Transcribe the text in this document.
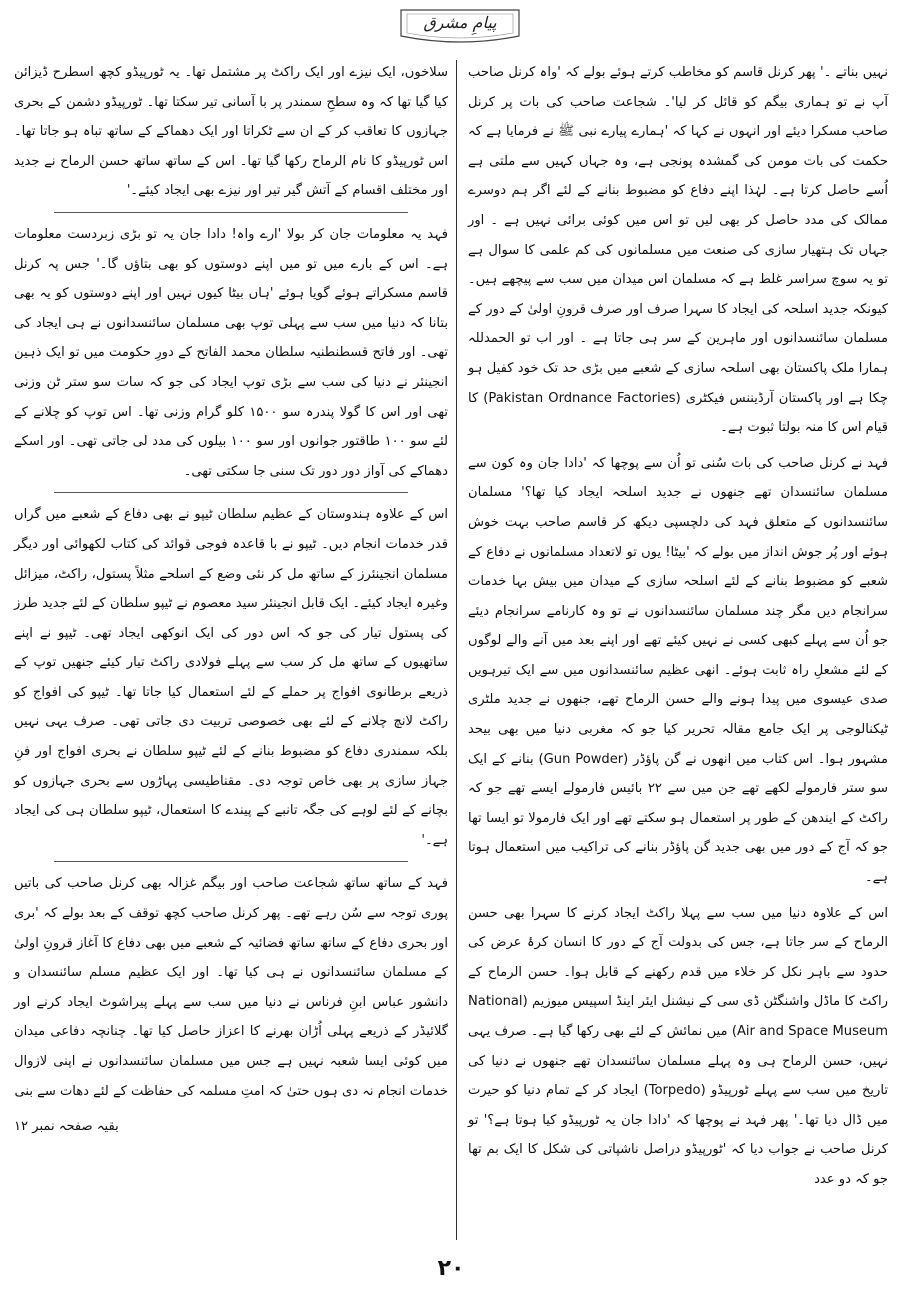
پیامِ مشرق

نہیں بناتے ۔' پھر کرنل قاسم کو مخاطب کرتے ہوئے بولے کہ 'واہ کرنل صاحب آپ نے تو ہماری بیگم کو قائل کر لیا'۔ شجاعت صاحب کی بات پر کرنل صاحب مسکرا دیئے اور انہوں نے کہا کہ 'ہمارے پیارے نبی ﷺ نے فرمایا ہے کہ حکمت کی بات مومن کی گمشدہ پونجی ہے، وہ جہاں کہیں سے ملتی ہے اُسے حاصل کرتا ہے۔ لہٰذا اپنے دفاع کو مضبوط بنانے کے لئے اگر ہم دوسرے ممالک کی مدد حاصل کر بھی لیں تو اس میں کوئی برائی نہیں ہے ۔ اور جہاں تک ہتھیار سازی کی صنعت میں مسلمانوں کی کم علمی کا سوال ہے تو یہ سوچ سراسر غلط ہے کہ مسلمان اس میدان میں سب سے پیچھے ہیں۔ کیونکہ جدید اسلحہ کی ایجاد کا سہرا صرف اور صرف قرونِ اولیٰ کے دور کے مسلمان سائنسدانوں اور ماہرین کے سر ہی جاتا ہے ۔ اور اب تو الحمدللہ ہمارا ملک پاکستان بھی اسلحہ سازی کے شعبے میں بڑی حد تک خود کفیل ہو چکا ہے اور پاکستان آرڈیننس فیکٹری (Pakistan Ordnance Factories) کا قیام اس کا منہ بولتا ثبوت ہے۔

فہد نے کرنل صاحب کی بات سُنی تو اُن سے پوچھا کہ 'دادا جان وہ کون سے مسلمان سائنسدان تھے جنھوں نے جدید اسلحہ ایجاد کیا تھا؟' مسلمان سائنسدانوں کے متعلق فہد کی دلچسپی دیکھ کر قاسم صاحب بہت خوش ہوئے اور پُر جوش انداز میں بولے کہ 'بیٹا! یوں تو لاتعداد مسلمانوں نے دفاع کے شعبے کو مضبوط بنانے کے لئے اسلحہ سازی کے میدان میں بیش بہا خدمات سرانجام دیں مگر چند مسلمان سائنسدانوں نے تو وہ کارنامے سرانجام دیئے جو اُن سے پہلے کبھی کسی نے نہیں کیئے تھے اور اپنے بعد میں آنے والے لوگوں کے لئے مشعلِ راہ ثابت ہوئے۔ انھی عظیم سائنسدانوں میں سے ایک تیرہویں صدی عیسوی میں پیدا ہونے والے حسن الرماح تھے، جنھوں نے جدید ملٹری ٹیکنالوجی پر ایک جامع مقالہ تحریر کیا جو کہ مغربی دنیا میں بھی بیحد مشہور ہوا۔ اس کتاب میں انھوں نے گن پاؤڈر (Gun Powder) بنانے کے ایک سو ستر فارمولے لکھے تھے جن میں سے ۲۲ بائیس فارمولے ایسے تھے جو کہ راکٹ کے ایندھن کے طور پر استعمال ہو سکتے تھے اور ایک فارمولا تو ایسا تھا جو کہ آج کے دور میں بھی جدید گن پاؤڈر بنانے کی تراکیب میں استعمال ہوتا ہے۔

اس کے علاوہ دنیا میں سب سے پہلا راکٹ ایجاد کرنے کا سہرا بھی حسن الرماح کے سر جاتا ہے، جس کی بدولت آج کے دور کا انسان کرۂ عرض کی حدود سے باہر نکل کر خلاء میں قدم رکھنے کے قابل ہوا۔ حسن الرماح کے راکٹ کا ماڈل واشنگٹن ڈی سی کے نیشنل ایئر اینڈ اسپیس میوزیم (National Air and Space Museum) میں نمائش کے لئے بھی رکھا گیا ہے۔ صرف یہی نہیں، حسن الرماح ہی وہ پہلے مسلمان سائنسدان تھے جنھوں نے دنیا کی تاریخ میں سب سے پہلے ٹورپیڈو (Torpedo) ایجاد کر کے تمام دنیا کو حیرت میں ڈال دیا تھا۔' پھر فہد نے پوچھا کہ 'دادا جان یہ ٹورپیڈو کیا ہوتا ہے؟' تو کرنل صاحب نے جواب دیا کہ 'ٹورپیڈو دراصل ناشپاتی کی شکل کا ایک بم تھا جو کہ دو عدد

سلاخوں، ایک نیزے اور ایک راکٹ پر مشتمل تھا۔ یہ ٹورپیڈو کچھ اسطرح ڈیزائن کیا گیا تھا کہ وہ سطحِ سمندر پر با آسانی تیر سکتا تھا۔ ٹورپیڈو دشمن کے بحری جہازوں کا تعاقب کر کے ان سے ٹکراتا اور ایک دھماکے کے ساتھ تباہ ہو جاتا تھا۔ اس ٹورپیڈو کا نام الرماح رکھا گیا تھا۔ اس کے ساتھ ساتھ حسن الرماح نے جدید اور مختلف اقسام کے آتش گیر تیر اور نیزے بھی ایجاد کیئے۔'

فہد یہ معلومات جان کر بولا 'ارے واہ! دادا جان یہ تو بڑی زبردست معلومات ہے۔ اس کے بارے میں تو میں اپنے دوستوں کو بھی بتاؤں گا۔' جس پہ کرنل قاسم مسکراتے ہوئے گویا ہوئے 'ہاں بیٹا کیوں نہیں اور اپنے دوستوں کو یہ بھی بتانا کہ دنیا میں سب سے پہلی توپ بھی مسلمان سائنسدانوں نے ہی ایجاد کی تھی۔ اور فاتح قسطنطنیہ سلطان محمد الفاتح کے دورِ حکومت میں تو ایک ذہین انجینئر نے دنیا کی سب سے بڑی توپ ایجاد کی جو کہ سات سو ستر ٹن وزنی تھی اور اس کا گولا پندرہ سو ۱۵۰۰ کلو گرام وزنی تھا۔ اس توپ کو چلانے کے لئے سو ۱۰۰ طاقتور جوانوں اور سو ۱۰۰ بیلوں کی مدد لی جاتی تھی۔ اور اسکے دھماکے کی آواز دور دور تک سنی جا سکتی تھی۔

اس کے علاوہ ہندوستان کے عظیم سلطان ٹیپو نے بھی دفاع کے شعبے میں گراں قدر خدمات انجام دیں۔ ٹیپو نے با قاعدہ فوجی قوائد کی کتاب لکھوائی اور دیگر مسلمان انجینئرز کے ساتھ مل کر نئی وضع کے اسلحے مثلاً پستول، راکٹ، میزائل وغیرہ ایجاد کیئے۔ ایک قابل انجینئر سید معصوم نے ٹیپو سلطان کے لئے جدید طرز کی پستول تیار کی جو کہ اس دور کی ایک انوکھی ایجاد تھی۔ ٹیپو نے اپنے ساتھیوں کے ساتھ مل کر سب سے پہلے فولادی راکٹ تیار کیئے جنھیں توپ کے ذریعے برطانوی افواج پر حملے کے لئے استعمال کیا جاتا تھا۔ ٹیپو کی افواج کو راکٹ لانچ چلانے کے لئے بھی خصوصی تربیت دی جاتی تھی۔ صرف یہی نہیں بلکہ سمندری دفاع کو مضبوط بنانے کے لئے ٹیپو سلطان نے بحری افواج اور فنِ جہاز سازی پر بھی خاص توجہ دی۔ مقناطیسی پہاڑوں سے بحری جہازوں کو بچانے کے لئے لوہے کی جگہ تانبے کے پیندے کا استعمال، ٹیپو سلطان ہی کی ایجاد ہے۔'

فہد کے ساتھ ساتھ شجاعت صاحب اور بیگم غزالہ بھی کرنل صاحب کی باتیں پوری توجہ سے سُن رہے تھے۔ پھر کرنل صاحب کچھ توقف کے بعد بولے کہ 'بری اور بحری دفاع کے ساتھ ساتھ فضائیہ کے شعبے میں بھی دفاع کا آغاز قرونِ اولیٰ کے مسلمان سائنسدانوں نے ہی کیا تھا۔ اور ایک عظیم مسلم سائنسدان و دانشور عباس ابنِ فرناس نے دنیا میں سب سے پہلے پیراشوٹ ایجاد کرنے اور گلائیڈر کے ذریعے پہلی اُڑان بھرنے کا اعزاز حاصل کیا تھا۔ چنانچہ دفاعی میدان میں کوئی ایسا شعبہ نہیں ہے جس میں مسلمان سائنسدانوں نے اپنی لازوال خدمات انجام نہ دی ہوں حتیٰ کہ امتِ مسلمہ کی حفاظت کے لئے دھات سے بنی

بقیہ صفحہ نمبر ۱۲

۲۰
